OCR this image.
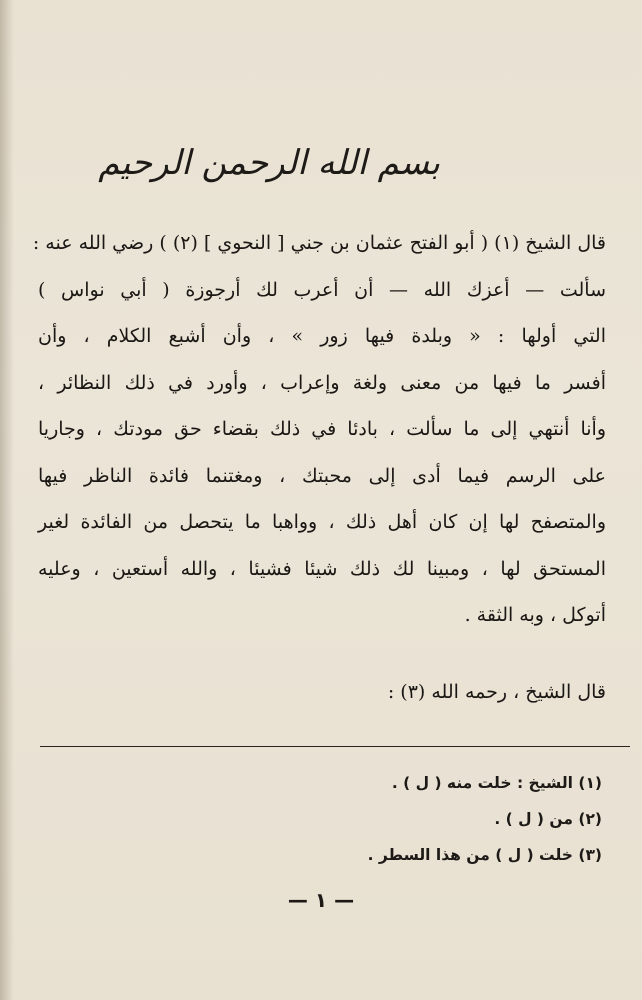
بسم الله الرحمن الرحيم
قال الشيخ (١) ( أبو الفتح عثمان بن جني [ النحوي ] (٢) ) رضي الله عنه :
سألت — أعزك الله — أن أعرب لك أرجوزة ( أبي نواس )
التي أولها : « وبلدة فيها زور » ، وأن أشبع الكلام ، وأن
أفسر ما فيها من معنى ولغة وإعراب ، وأورد في ذلك النظائر ،
وأنا أنتهي إلى ما سألت ، بادئا في ذلك بقضاء حق مودتك ، وجاريا
على الرسم فيما أدى إلى محبتك ، ومغتنما فائدة الناظر فيها
والمتصفح لها إن كان أهل ذلك ، وواهبا ما يتحصل من الفائدة لغير
المستحق لها ، ومبينا لك ذلك شيئا فشيئا ، والله أستعين ، وعليه
أتوكل ، وبه الثقة .
قال الشيخ ، رحمه الله (٣) :
(١) الشيخ : خلت منه ( ل ) .
(٢) من ( ل ) .
(٣) خلت ( ل ) من هذا السطر .
— ١ —
